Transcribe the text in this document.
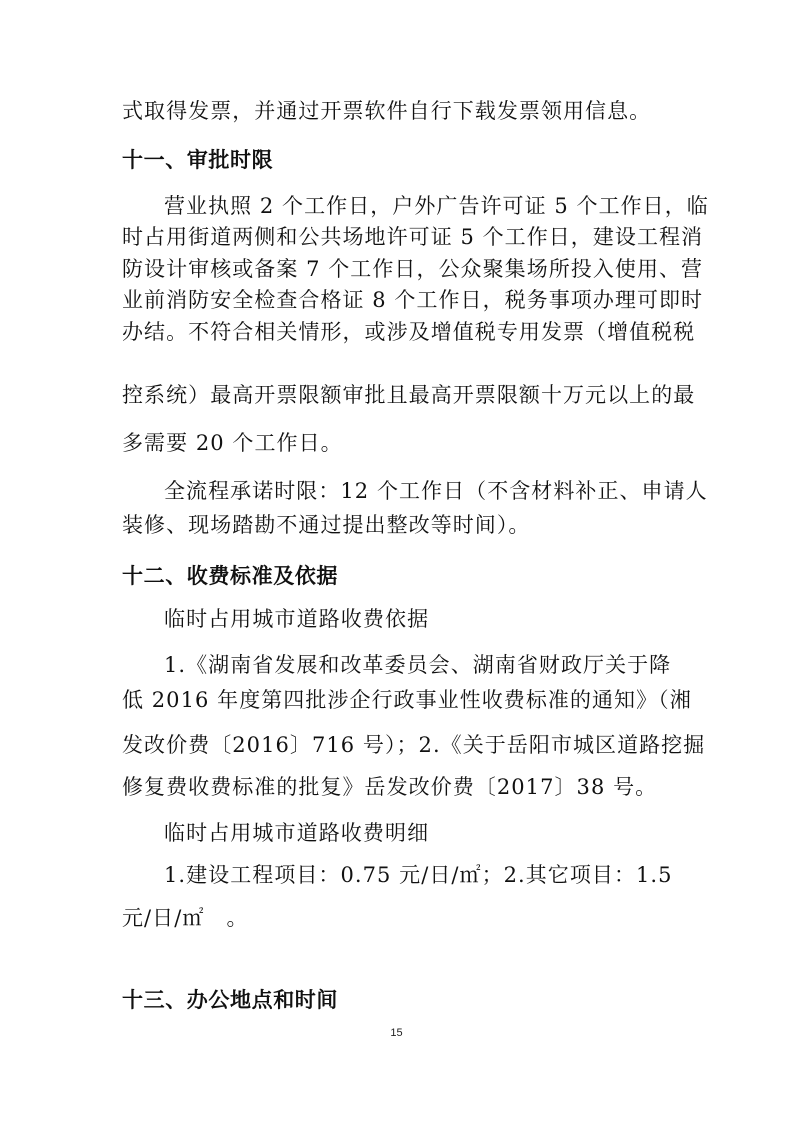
式取得发票，并通过开票软件自行下载发票领用信息。
十一、审批时限
营业执照 2 个工作日，户外广告许可证 5 个工作日，临
时占用街道两侧和公共场地许可证 5 个工作日，建设工程消
防设计审核或备案 7 个工作日，公众聚集场所投入使用、营
业前消防安全检查合格证 8 个工作日，税务事项办理可即时
办结。不符合相关情形，或涉及增值税专用发票（增值税税
控系统）最高开票限额审批且最高开票限额十万元以上的最
多需要 20 个工作日。
全流程承诺时限：12 个工作日（不含材料补正、申请人
装修、现场踏勘不通过提出整改等时间）。
十二、收费标准及依据
临时占用城市道路收费依据
1.《湖南省发展和改革委员会、湖南省财政厅关于降
低 2016 年度第四批涉企行政事业性收费标准的通知》（湘
发改价费〔2016〕716 号）；2.《关于岳阳市城区道路挖掘
修复费收费标准的批复》岳发改价费〔2017〕38 号。
临时占用城市道路收费明细
1.建设工程项目：0.75 元/日/㎡；2.其它项目：1.5
元/日/㎡　。
十三、办公地点和时间
15
